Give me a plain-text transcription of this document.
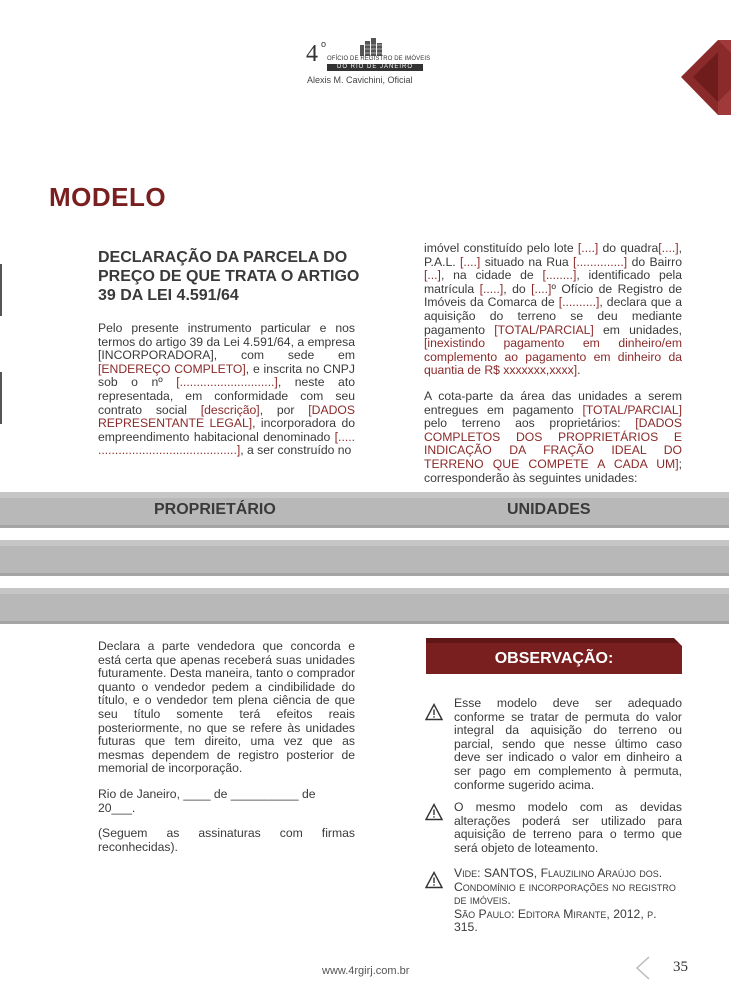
4 o
OFÍCIO DE REGISTRO DE IMÓVEIS
DO RIO DE JANEIRO
Alexis M. Cavichini, Oficial
MODELO
DECLARAÇÃO DA PARCELA DO PREÇO DE QUE TRATA O ARTIGO 39 DA LEI 4.591/64

Pelo presente instrumento particular e nos termos do artigo 39 da Lei 4.591/64, a empresa [INCORPORADORA], com sede em [ENDEREÇO COMPLETO], e inscrita no CNPJ sob o nº [............................], neste ato representada, em conformidade com seu contrato social [descrição], por [DADOS REPRESENTANTE LEGAL], incorporadora do empreendimento habitacional denominado [..... .........................................], a ser construído no

imóvel constituído pelo lote [....] do quadra[....], P.A.L. [....] situado na Rua [..............] do Bairro [...], na cidade de [........], identificado pela matrícula [.....], do [....]º Ofício de Registro de Imóveis da Comarca de [..........], declara que a aquisição do terreno se deu mediante pagamento [TOTAL/PARCIAL] em unidades, [inexistindo pagamento em dinheiro/em complemento ao pagamento em dinheiro da quantia de R$ xxxxxxx,xxxx].

A cota-parte da área das unidades a serem entregues em pagamento [TOTAL/PARCIAL] pelo terreno aos proprietários: [DADOS COMPLETOS DOS PROPRIETÁRIOS E INDICAÇÃO DA FRAÇÃO IDEAL DO TERRENO QUE COMPETE A CADA UM]; corresponderão às seguintes unidades:

PROPRIETÁRIO	UNIDADES

Declara a parte vendedora que concorda e está certa que apenas receberá suas unidades futuramente. Desta maneira, tanto o comprador quanto o vendedor pedem a cindibilidade do título, e o vendedor tem plena ciência de que seu título somente terá efeitos reais posteriormente, no que se refere às unidades futuras que tem direito, uma vez que as mesmas dependem de registro posterior de memorial de incorporação.

Rio de Janeiro, ____ de __________ de 20___.

(Seguem as assinaturas com firmas reconhecidas).

OBSERVAÇÃO:
Esse modelo deve ser adequado conforme se tratar de permuta do valor integral da aquisição do terreno ou parcial, sendo que nesse último caso deve ser indicado o valor em dinheiro a ser pago em complemento à permuta, conforme sugerido acima.
O mesmo modelo com as devidas alterações poderá ser utilizado para aquisição de terreno para o termo que será objeto de loteamento.
Vide: SANTOS, Flauzilino Araújo dos. Condomínio e incorporações no registro de imóveis.
São Paulo: Editora Mirante, 2012, p. 315.
www.4rgirj.com.br	35
